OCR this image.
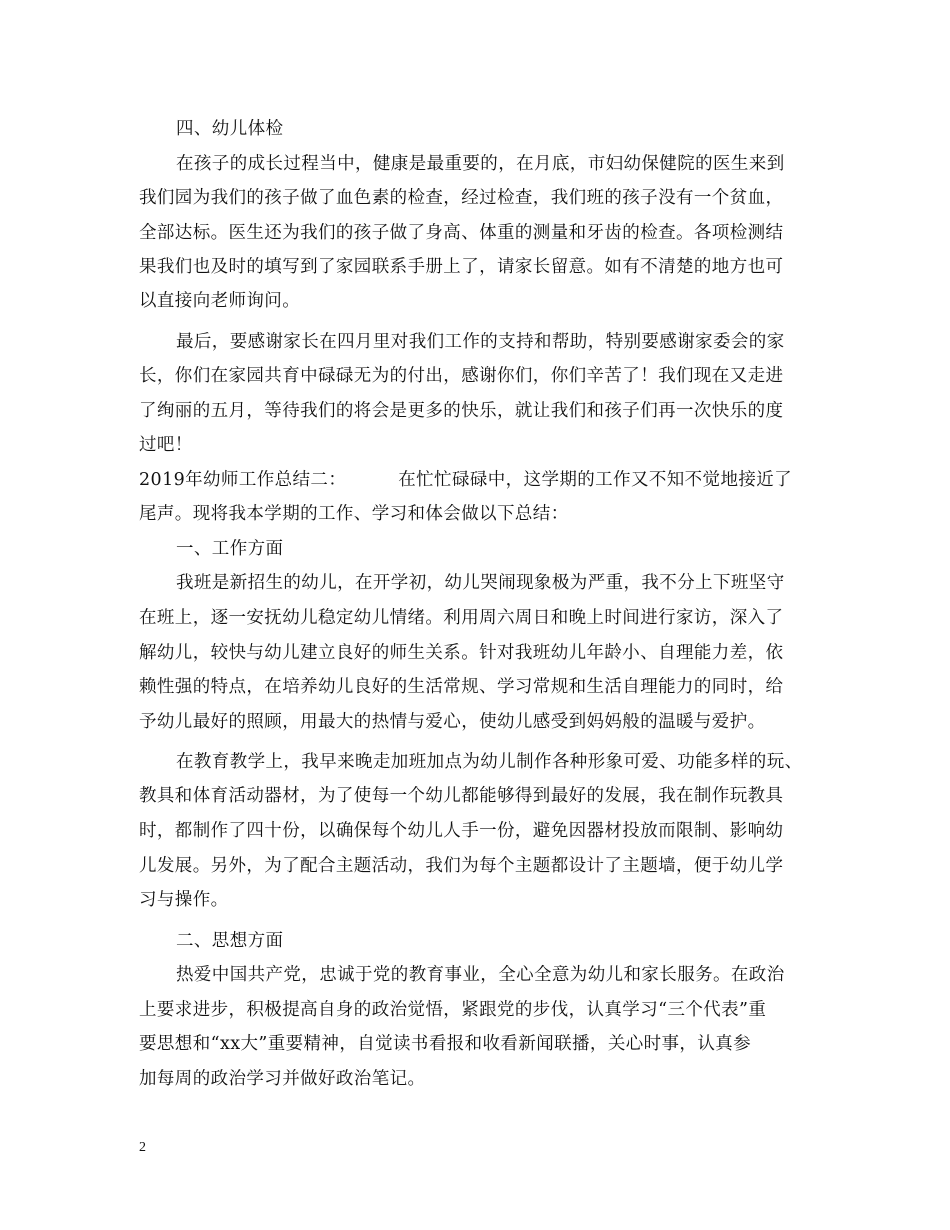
四、幼儿体检
在孩子的成长过程当中，健康是最重要的，在月底，市妇幼保健院的医生来到
我们园为我们的孩子做了血色素的检查，经过检查，我们班的孩子没有一个贫血，
全部达标。医生还为我们的孩子做了身高、体重的测量和牙齿的检查。各项检测结
果我们也及时的填写到了家园联系手册上了，请家长留意。如有不清楚的地方也可
以直接向老师询问。
最后，要感谢家长在四月里对我们工作的支持和帮助，特别要感谢家委会的家
长，你们在家园共育中碌碌无为的付出，感谢你们，你们辛苦了！我们现在又走进
了绚丽的五月，等待我们的将会是更多的快乐，就让我们和孩子们再一次快乐的度
过吧！
2019年幼师工作总结二：	在忙忙碌碌中，这学期的工作又不知不觉地接近了
尾声。现将我本学期的工作、学习和体会做以下总结：
一、工作方面
我班是新招生的幼儿，在开学初，幼儿哭闹现象极为严重，我不分上下班坚守
在班上，逐一安抚幼儿稳定幼儿情绪。利用周六周日和晚上时间进行家访，深入了
解幼儿，较快与幼儿建立良好的师生关系。针对我班幼儿年龄小、自理能力差，依
赖性强的特点，在培养幼儿良好的生活常规、学习常规和生活自理能力的同时，给
予幼儿最好的照顾，用最大的热情与爱心，使幼儿感受到妈妈般的温暖与爱护。
在教育教学上，我早来晚走加班加点为幼儿制作各种形象可爱、功能多样的玩、
教具和体育活动器材，为了使每一个幼儿都能够得到最好的发展，我在制作玩教具
时，都制作了四十份，以确保每个幼儿人手一份，避免因器材投放而限制、影响幼
儿发展。另外，为了配合主题活动，我们为每个主题都设计了主题墙，便于幼儿学
习与操作。
二、思想方面
热爱中国共产党，忠诚于党的教育事业，全心全意为幼儿和家长服务。在政治
上要求进步，积极提高自身的政治觉悟，紧跟党的步伐，认真学习“三个代表”重
要思想和“xx大”重要精神，自觉读书看报和收看新闻联播，关心时事，认真参
加每周的政治学习并做好政治笔记。
2
